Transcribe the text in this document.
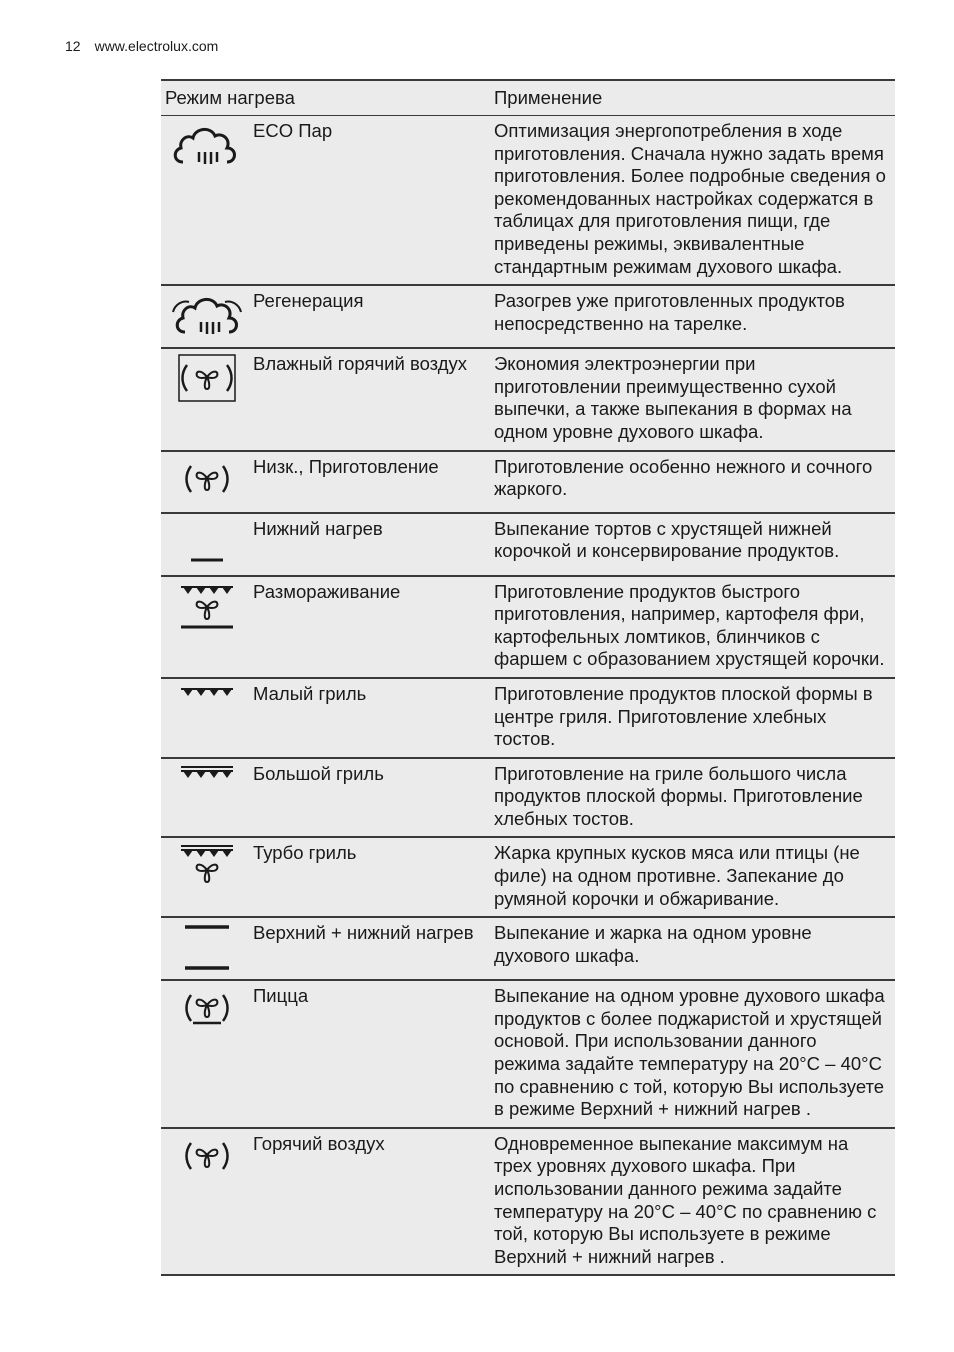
12 www.electrolux.com
Режим нагрева		Применение

	ECO Пар	Оптимизация энергопотребления в ходе приготовления. Сначала нужно задать время приготовления. Более подробные сведения о рекомендованных настройках содержатся в таблицах для приготовления пищи, где приведены режимы, эквивалентные стандартным режимам духового шкафа.

	Регенерация	Разогрев уже приготовленных продуктов непосредственно на тарелке.

	Влажный горячий воздух	Экономия электроэнергии при приготовлении преимущественно сухой выпечки, а также выпекания в формах на одном уровне духового шкафа.

	Низк., Приготовление	Приготовление особенно нежного и сочного жаркого.

	Нижний нагрев	Выпекание тортов с хрустящей нижней корочкой и консервирование продуктов.

	Размораживание	Приготовление продуктов быстрого приготовления, например, картофеля фри, картофельных ломтиков, блинчиков с фаршем с образованием хрустящей корочки.

	Малый гриль	Приготовление продуктов плоской формы в центре гриля. Приготовление хлебных тостов.

	Большой гриль	Приготовление на гриле большого числа продуктов плоской формы. Приготовление хлебных тостов.

	Турбо гриль	Жарка крупных кусков мяса или птицы (не филе) на одном противне. Запекание до румяной корочки и обжаривание.

	Верхний + нижний нагрев	Выпекание и жарка на одном уровне духового шкафа.

	Пицца	Выпекание на одном уровне духового шкафа продуктов с более поджаристой и хрустящей основой. При использовании данного режима задайте температуру на 20°C – 40°C по сравнению с той, которую Вы используете в режиме Верхний + нижний нагрев .

	Горячий воздух	Одновременное выпекание максимум на трех уровнях духового шкафа. При использовании данного режима задайте температуру на 20°C – 40°C по сравнению с той, которую Вы используете в режиме Верхний + нижний нагрев .
